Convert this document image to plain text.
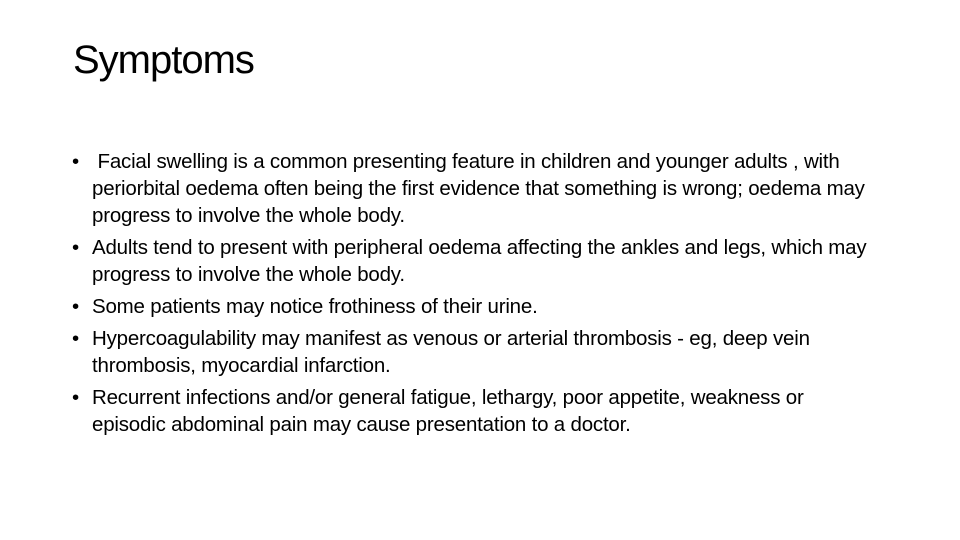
Symptoms
• Facial swelling is a common presenting feature in children and younger adults , with periorbital oedema often being the first evidence that something is wrong; oedema may progress to involve the whole body.
• Adults tend to present with peripheral oedema affecting the ankles and legs, which may progress to involve the whole body.
• Some patients may notice frothiness of their urine.
• Hypercoagulability may manifest as venous or arterial thrombosis - eg, deep vein thrombosis, myocardial infarction.
• Recurrent infections and/or general fatigue, lethargy, poor appetite, weakness or episodic abdominal pain may cause presentation to a doctor.
